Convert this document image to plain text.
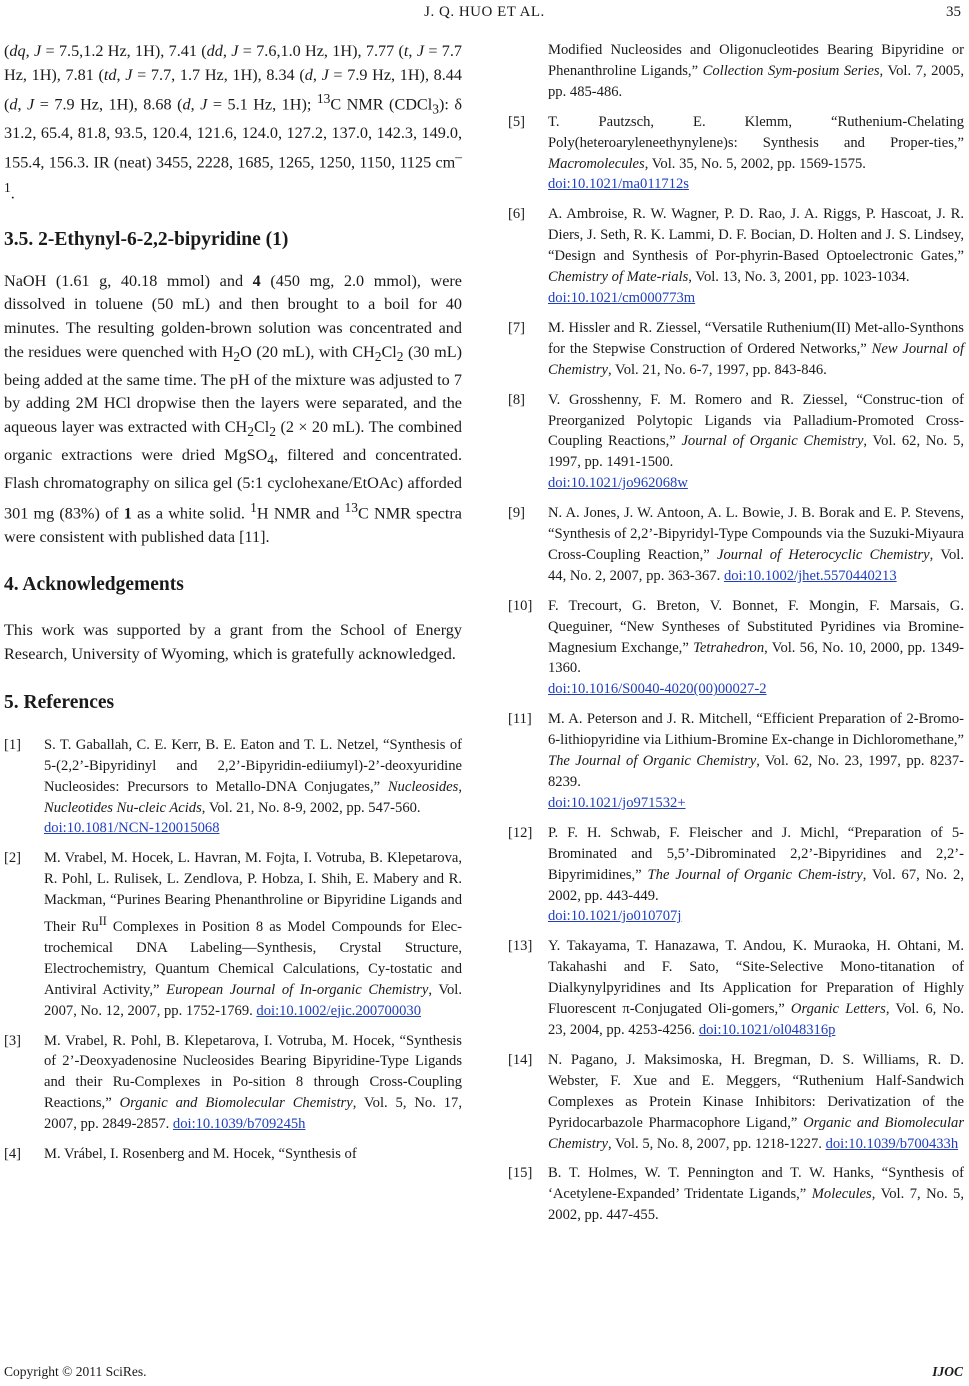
J. Q. HUO ET AL.	35

(dq, J = 7.5,1.2 Hz, 1H), 7.41 (dd, J = 7.6,1.0 Hz, 1H), 7.77 (t, J = 7.7 Hz, 1H), 7.81 (td, J = 7.7, 1.7 Hz, 1H), 8.34 (d, J = 7.9 Hz, 1H), 8.44 (d, J = 7.9 Hz, 1H), 8.68 (d, J = 5.1 Hz, 1H); $^{13}$C NMR (CDCl$_3$): δ 31.2, 65.4, 81.8, 93.5, 120.4, 121.6, 124.0, 127.2, 137.0, 142.3, 149.0, 155.4, 156.3. IR (neat) 3455, 2228, 1685, 1265, 1250, 1150, 1125 $cm^{-1}$.

3.5. 2-Ethynyl-6-2,2-bipyridine (1)

NaOH (1.61 g, 40.18 mmol) and 4 (450 mg, 2.0 mmol), were dissolved in toluene (50 mL) and then brought to a boil for 40 minutes. The resulting golden-brown solution was concentrated and the residues were quenched with $H_2O$ (20 mL), with $CH_2Cl_2$ (30 mL) being added at the same time. The pH of the mixture was adjusted to 7 by adding 2M HCl dropwise then the layers were separated, and the aqueous layer was extracted with $CH_2Cl_2$ (2 × 20 mL). The combined organic extractions were dried MgSO$_4$, filtered and concentrated. Flash chromatography on silica gel (5:1 cyclohexane/EtOAc) afforded 301 mg (83%) of 1 as a white solid. $^1$H NMR and $^{13}$C NMR spectra were consistent with published data [11].

4. Acknowledgements

This work was supported by a grant from the School of Energy Research, University of Wyoming, which is gratefully acknowledged.

5. References
[1] S. T. Gaballah, C. E. Kerr, B. E. Eaton and T. L. Netzel, “Synthesis of 5-(2,2’-Bipyridinyl and 2,2’-Bipyridin-ediiumyl)-2’-deoxyuridine Nucleosides: Precursors to Metallo-DNA Conjugates,” Nucleosides, Nucleotides Nu-cleic Acids, Vol. 21, No. 8-9, 2002, pp. 547-560.
doi:10.1081/NCN-120015068
[2] M. Vrabel, M. Hocek, L. Havran, M. Fojta, I. Votruba, B. Klepetarova, R. Pohl, L. Rulisek, L. Zendlova, P. Hobza, I. Shih, E. Mabery and R. Mackman, “Purines Bearing Phenanthroline or Bipyridine Ligands and Their $Ru^{II}$ Complexes in Position 8 as Model Compounds for Elec-trochemical DNA Labeling—Synthesis, Crystal Structure, Electrochemistry, Quantum Chemical Calculations, Cy-tostatic and Antiviral Activity,” European Journal of In-organic Chemistry, Vol. 2007, No. 12, 2007, pp. 1752-1769. doi:10.1002/ejic.200700030
[3] M. Vrabel, R. Pohl, B. Klepetarova, I. Votruba, M. Hocek, “Synthesis of 2’-Deoxyadenosine Nucleosides Bearing Bipyridine-Type Ligands and their Ru-Complexes in Po-sition 8 through Cross-Coupling Reactions,” Organic and Biomolecular Chemistry, Vol. 5, No. 17, 2007, pp. 2849-2857. doi:10.1039/b709245h
[4] M. Vrábel, I. Rosenberg and M. Hocek, “Synthesis of
Modified Nucleosides and Oligonucleotides Bearing Bipyridine or Phenanthroline Ligands,” Collection Sym-posium Series, Vol. 7, 2005, pp. 485-486.
[5] T. Pautzsch, E. Klemm, “Ruthenium-Chelating Poly(heteroaryleneethynylene)s: Synthesis and Proper-ties,” Macromolecules, Vol. 35, No. 5, 2002, pp. 1569-1575.
doi:10.1021/ma011712s
[6] A. Ambroise, R. W. Wagner, P. D. Rao, J. A. Riggs, P. Hascoat, J. R. Diers, J. Seth, R. K. Lammi, D. F. Bocian, D. Holten and J. S. Lindsey, “Design and Synthesis of Por-phyrin-Based Optoelectronic Gates,” Chemistry of Mate-rials, Vol. 13, No. 3, 2001, pp. 1023-1034.
doi:10.1021/cm000773m
[7] M. Hissler and R. Ziessel, “Versatile Ruthenium(II) Met-allo-Synthons for the Stepwise Construction of Ordered Networks,” New Journal of Chemistry, Vol. 21, No. 6-7, 1997, pp. 843-846.
[8] V. Grosshenny, F. M. Romero and R. Ziessel, “Construc-tion of Preorganized Polytopic Ligands via Palladium-Promoted Cross-Coupling Reactions,” Journal of Organic Chemistry, Vol. 62, No. 5, 1997, pp. 1491-1500.
doi:10.1021/jo962068w
[9] N. A. Jones, J. W. Antoon, A. L. Bowie, J. B. Borak and E. P. Stevens, “Synthesis of 2,2’-Bipyridyl-Type Compounds via the Suzuki-Miyaura Cross-Coupling Reaction,” Journal of Heterocyclic Chemistry, Vol. 44, No. 2, 2007, pp. 363-367. doi:10.1002/jhet.5570440213
[10] F. Trecourt, G. Breton, V. Bonnet, F. Mongin, F. Marsais, G. Queguiner, “New Syntheses of Substituted Pyridines via Bromine-Magnesium Exchange,” Tetrahedron, Vol. 56, No. 10, 2000, pp. 1349-1360.
doi:10.1016/S0040-4020(00)00027-2
[11] M. A. Peterson and J. R. Mitchell, “Efficient Preparation of 2-Bromo-6-lithiopyridine via Lithium-Bromine Ex-change in Dichloromethane,” The Journal of Organic Chemistry, Vol. 62, No. 23, 1997, pp. 8237-8239.
doi:10.1021/jo971532+
[12] P. F. H. Schwab, F. Fleischer and J. Michl, “Preparation of 5-Brominated and 5,5’-Dibrominated 2,2’-Bipyridines and 2,2’-Bipyrimidines,” The Journal of Organic Chem-istry, Vol. 67, No. 2, 2002, pp. 443-449.
doi:10.1021/jo010707j
[13] Y. Takayama, T. Hanazawa, T. Andou, K. Muraoka, H. Ohtani, M. Takahashi and F. Sato, “Site-Selective Mono-titanation of Dialkynylpyridines and Its Application for Preparation of Highly Fluorescent π-Conjugated Oli-gomers,” Organic Letters, Vol. 6, No. 23, 2004, pp. 4253-4256. doi:10.1021/ol048316p
[14] N. Pagano, J. Maksimoska, H. Bregman, D. S. Williams, R. D. Webster, F. Xue and E. Meggers, “Ruthenium Half-Sandwich Complexes as Protein Kinase Inhibitors: Derivatization of the Pyridocarbazole Pharmacophore Ligand,” Organic and Biomolecular Chemistry, Vol. 5, No. 8, 2007, pp. 1218-1227. doi:10.1039/b700433h
[15] B. T. Holmes, W. T. Pennington and T. W. Hanks, “Synthesis of ‘Acetylene-Expanded’ Tridentate Ligands,” Molecules, Vol. 7, No. 5, 2002, pp. 447-455.
Copyright © 2011 SciRes.	IJOC
